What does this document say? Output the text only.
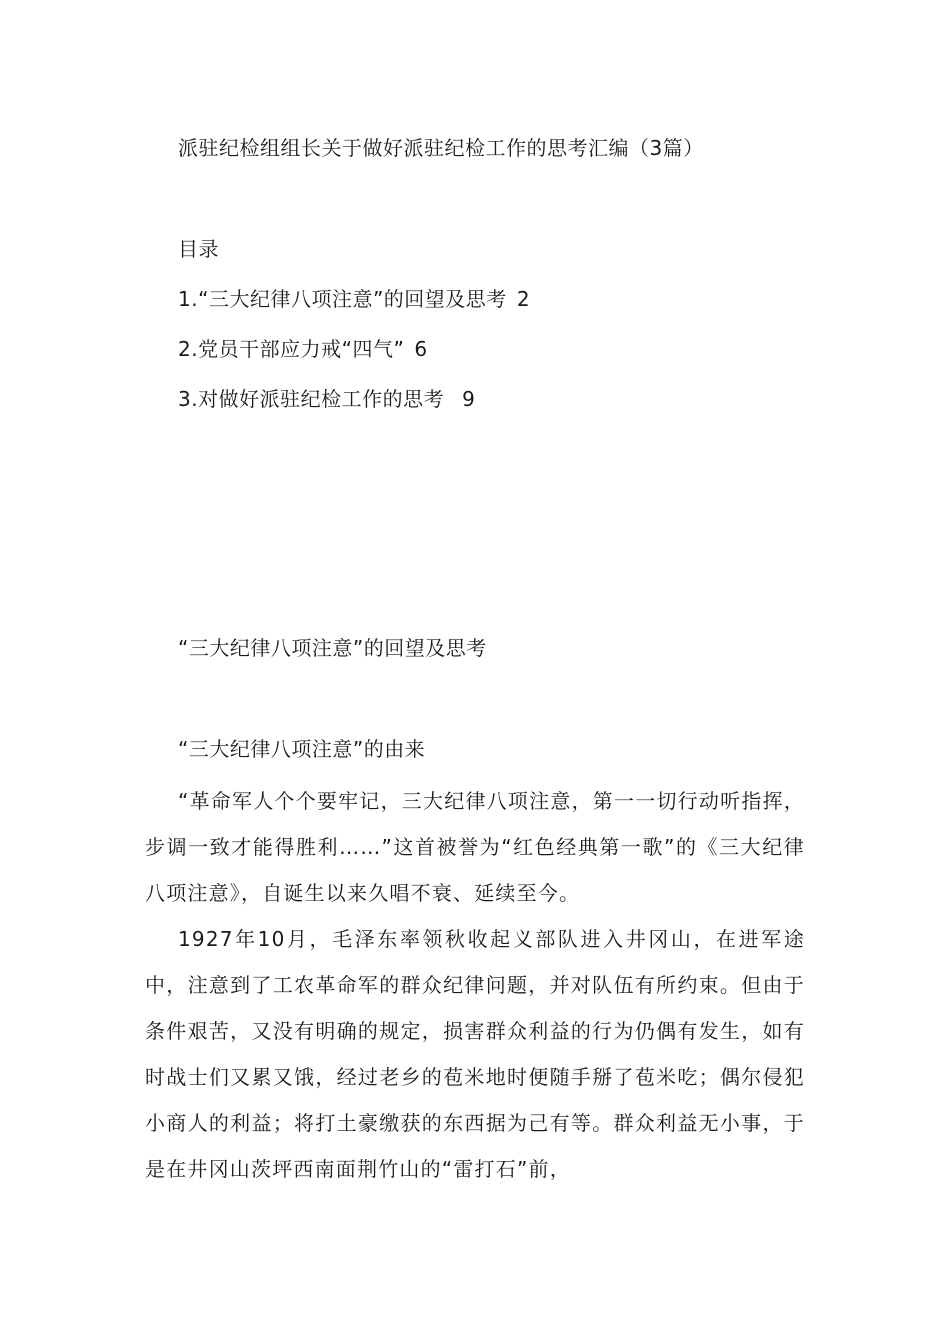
派驻纪检组组长关于做好派驻纪检工作的思考汇编（3篇）
目录
1.“三大纪律八项注意”的回望及思考 2
2.党员干部应力戒“四气” 6
3.对做好派驻纪检工作的思考 9
“三大纪律八项注意”的回望及思考
“三大纪律八项注意”的由来

“革命军人个个要牢记，三大纪律八项注意，第一一切行动听指挥，步调一致才能得胜利……”这首被誉为“红色经典第一歌”的《三大纪律八项注意》，自诞生以来久唱不衰、延续至今。

1927年10月，毛泽东率领秋收起义部队进入井冈山，在进军途中，注意到了工农革命军的群众纪律问题，并对队伍有所约束。但由于条件艰苦，又没有明确的规定，损害群众利益的行为仍偶有发生，如有时战士们又累又饿，经过老乡的苞米地时便随手掰了苞米吃；偶尔侵犯小商人的利益；将打土豪缴获的东西据为己有等。群众利益无小事，于是在井冈山茨坪西南面荆竹山的“雷打石”前，
